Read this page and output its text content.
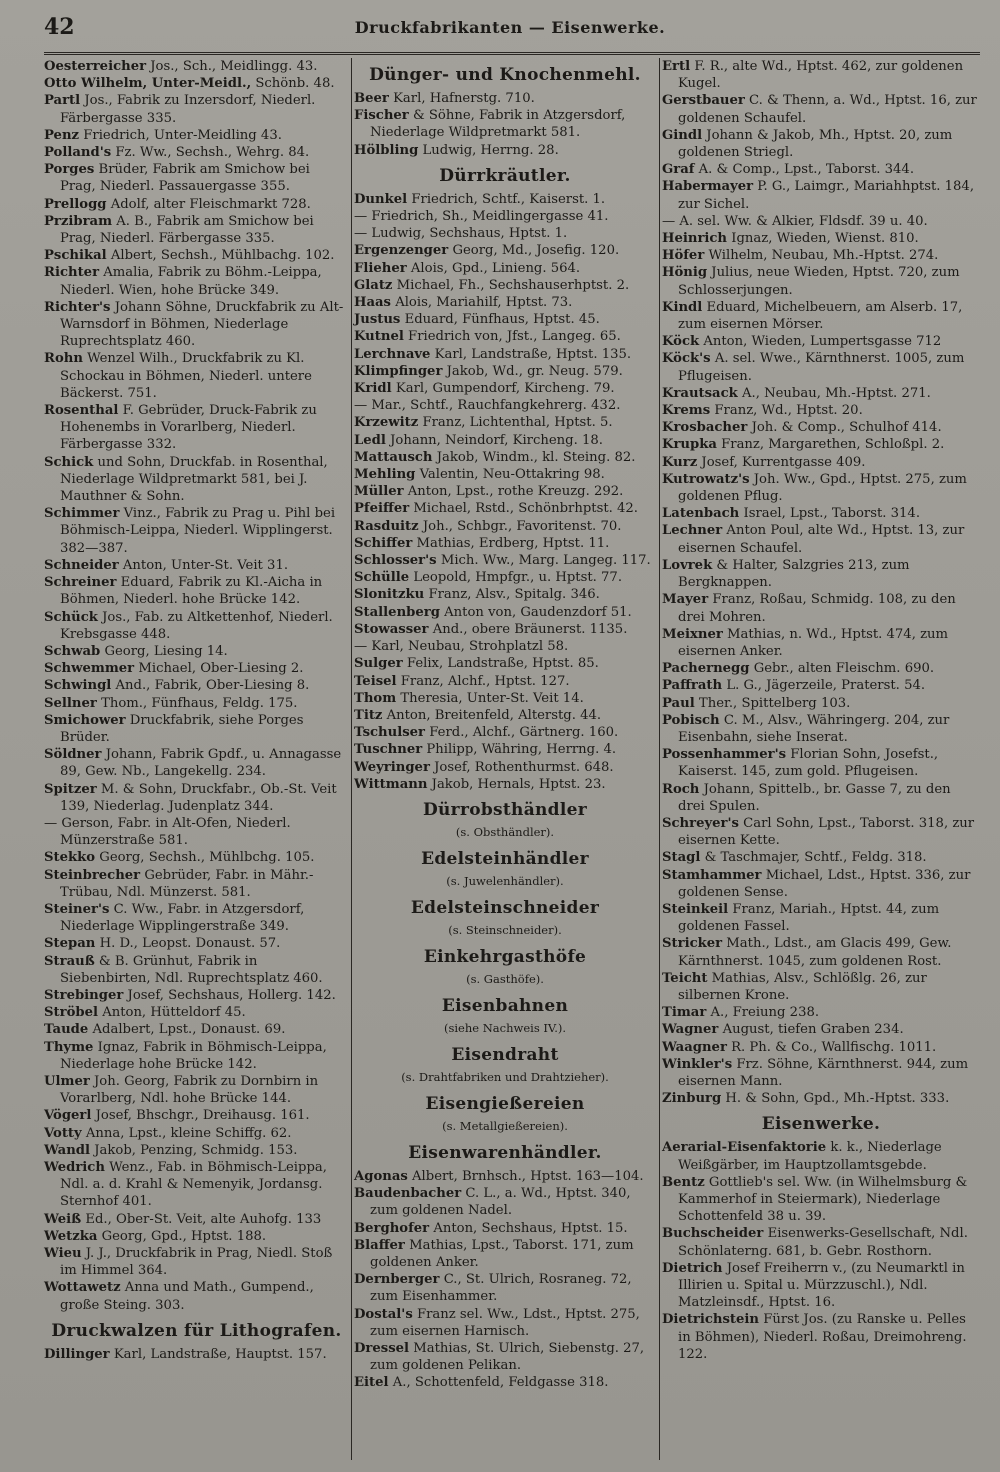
42	Druckfabrikanten — Eisenwerke.
Oesterreicher Jos., Sch., Meidlingg. 43.
Otto Wilhelm, Unter-Meidl., Schönb. 48.
Partl Jos., Fabrik zu Inzersdorf, Niederl. Färbergasse 335.
Penz Friedrich, Unter-Meidling 43.
Polland's Fz. Ww., Sechsh., Wehrg. 84.
Porges Brüder, Fabrik am Smichow bei Prag, Niederl. Passauergasse 355.
Prellogg Adolf, alter Fleischmarkt 728.
Przibram A. B., Fabrik am Smichow bei Prag, Niederl. Färbergasse 335.
Pschikal Albert, Sechsh., Mühlbachg. 102.
Richter Amalia, Fabrik zu Böhm.-Leippa, Niederl. Wien, hohe Brücke 349.
Richter's Johann Söhne, Druckfabrik zu Alt-Warnsdorf in Böhmen, Niederlage Ruprechtsplatz 460.
Rohn Wenzel Wilh., Druckfabrik zu Kl. Schockau in Böhmen, Niederl. untere Bäckerst. 751.
Rosenthal F. Gebrüder, Druck-Fabrik zu Hohenembs in Vorarlberg, Niederl. Färbergasse 332.
Schick und Sohn, Druckfab. in Rosenthal, Niederlage Wildpretmarkt 581, bei J. Mauthner & Sohn.
Schimmer Vinz., Fabrik zu Prag u. Pihl bei Böhmisch-Leippa, Niederl. Wipplingerst. 382—387.
Schneider Anton, Unter-St. Veit 31.
Schreiner Eduard, Fabrik zu Kl.-Aicha in Böhmen, Niederl. hohe Brücke 142.
Schück Jos., Fab. zu Altkettenhof, Niederl. Krebsgasse 448.
Schwab Georg, Liesing 14.
Schwemmer Michael, Ober-Liesing 2.
Schwingl And., Fabrik, Ober-Liesing 8.
Sellner Thom., Fünfhaus, Feldg. 175.
Smichower Druckfabrik, siehe Porges Brüder.
Söldner Johann, Fabrik Gpdf., u. Annagasse 89, Gew. Nb., Langekellg. 234.
Spitzer M. & Sohn, Druckfabr., Ob.-St. Veit 139, Niederlag. Judenplatz 344.
— Gerson, Fabr. in Alt-Ofen, Niederl. Münzerstraße 581.
Stekko Georg, Sechsh., Mühlbchg. 105.
Steinbrecher Gebrüder, Fabr. in Mähr.-Trübau, Ndl. Münzerst. 581.
Steiner's C. Ww., Fabr. in Atzgersdorf, Niederlage Wipplingerstraße 349.
Stepan H. D., Leopst. Donaust. 57.
Strauß & B. Grünhut, Fabrik in Siebenbirten, Ndl. Ruprechtsplatz 460.
Strebinger Josef, Sechshaus, Hollerg. 142.
Ströbel Anton, Hütteldorf 45.
Taude Adalbert, Lpst., Donaust. 69.
Thyme Ignaz, Fabrik in Böhmisch-Leippa, Niederlage hohe Brücke 142.
Ulmer Joh. Georg, Fabrik zu Dornbirn in Vorarlberg, Ndl. hohe Brücke 144.
Vögerl Josef, Bhschgr., Dreihausg. 161.
Votty Anna, Lpst., kleine Schiffg. 62.
Wandl Jakob, Penzing, Schmidg. 153.
Wedrich Wenz., Fab. in Böhmisch-Leippa, Ndl. a. d. Krahl & Nemenyik, Jordansg. Sternhof 401.
Weiß Ed., Ober-St. Veit, alte Auhofg. 133
Wetzka Georg, Gpd., Hptst. 188.
Wieu J. J., Druckfabrik in Prag, Niedl. Stoß im Himmel 364.
Wottawetz Anna und Math., Gumpend., große Steing. 303.
Druckwalzen für Lithografen.
Dillinger Karl, Landstraße, Hauptst. 157.
Dünger- und Knochenmehl.
Beer Karl, Hafnerstg. 710.
Fischer & Söhne, Fabrik in Atzgersdorf, Niederlage Wildpretmarkt 581.
Hölbling Ludwig, Herrng. 28.
Dürrkräutler.
Dunkel Friedrich, Schtf., Kaiserst. 1.
— Friedrich, Sh., Meidlingergasse 41.
— Ludwig, Sechshaus, Hptst. 1.
Ergenzenger Georg, Md., Josefig. 120.
Flieher Alois, Gpd., Linieng. 564.
Glatz Michael, Fh., Sechshauserhptst. 2.
Haas Alois, Mariahilf, Hptst. 73.
Justus Eduard, Fünfhaus, Hptst. 45.
Kutnel Friedrich von, Jfst., Langeg. 65.
Lerchnave Karl, Landstraße, Hptst. 135.
Klimpfinger Jakob, Wd., gr. Neug. 579.
Kridl Karl, Gumpendorf, Kircheng. 79.
— Mar., Schtf., Rauchfangkehrerg. 432.
Krzewitz Franz, Lichtenthal, Hptst. 5.
Ledl Johann, Neindorf, Kircheng. 18.
Mattausch Jakob, Windm., kl. Steing. 82.
Mehling Valentin, Neu-Ottakring 98.
Müller Anton, Lpst., rothe Kreuzg. 292.
Pfeiffer Michael, Rstd., Schönbrhptst. 42.
Rasduitz Joh., Schbgr., Favoritenst. 70.
Schiffer Mathias, Erdberg, Hptst. 11.
Schlosser's Mich. Ww., Marg. Langeg. 117.
Schülle Leopold, Hmpfgr., u. Hptst. 77.
Slonitzku Franz, Alsv., Spitalg. 346.
Stallenberg Anton von, Gaudenzdorf 51.
Stowasser And., obere Bräunerst. 1135.
— Karl, Neubau, Strohplatzl 58.
Sulger Felix, Landstraße, Hptst. 85.
Teisel Franz, Alchf., Hptst. 127.
Thom Theresia, Unter-St. Veit 14.
Titz Anton, Breitenfeld, Alterstg. 44.
Tschulser Ferd., Alchf., Gärtnerg. 160.
Tuschner Philipp, Währing, Herrng. 4.
Weyringer Josef, Rothenthurmst. 648.
Wittmann Jakob, Hernals, Hptst. 23.
Dürrobsthändler
(s. Obsthändler).
Edelsteinhändler
(s. Juwelenhändler).
Edelsteinschneider
(s. Steinschneider).
Einkehrgasthöfe
(s. Gasthöfe).
Eisenbahnen
(siehe Nachweis IV.).
Eisendraht
(s. Drahtfabriken und Drahtzieher).
Eisengießereien
(s. Metallgießereien).
Eisenwarenhändler.
Agonas Albert, Brnhsch., Hptst. 163—104.
Baudenbacher C. L., a. Wd., Hptst. 340, zum goldenen Nadel.
Berghofer Anton, Sechshaus, Hptst. 15.
Blaffer Mathias, Lpst., Taborst. 171, zum goldenen Anker.
Dernberger C., St. Ulrich, Rosraneg. 72, zum Eisenhammer.
Dostal's Franz sel. Ww., Ldst., Hptst. 275, zum eisernen Harnisch.
Dressel Mathias, St. Ulrich, Siebenstg. 27, zum goldenen Pelikan.
Eitel A., Schottenfeld, Feldgasse 318.
Ertl F. R., alte Wd., Hptst. 462, zur goldenen Kugel.
Gerstbauer C. & Thenn, a. Wd., Hptst. 16, zur goldenen Schaufel.
Gindl Johann & Jakob, Mh., Hptst. 20, zum goldenen Striegl.
Graf A. & Comp., Lpst., Taborst. 344.
Habermayer P. G., Laimgr., Mariahhptst. 184, zur Sichel.
— A. sel. Ww. & Alkier, Fldsdf. 39 u. 40.
Heinrich Ignaz, Wieden, Wienst. 810.
Höfer Wilhelm, Neubau, Mh.-Hptst. 274.
Hönig Julius, neue Wieden, Hptst. 720, zum Schlosserjungen.
Kindl Eduard, Michelbeuern, am Alserb. 17, zum eisernen Mörser.
Köck Anton, Wieden, Lumpertsgasse 712
Köck's A. sel. Wwe., Kärnthnerst. 1005, zum Pflugeisen.
Krautsack A., Neubau, Mh.-Hptst. 271.
Krems Franz, Wd., Hptst. 20.
Krosbacher Joh. & Comp., Schulhof 414.
Krupka Franz, Margarethen, Schloßpl. 2.
Kurz Josef, Kurrentgasse 409.
Kutrowatz's Joh. Ww., Gpd., Hptst. 275, zum goldenen Pflug.
Latenbach Israel, Lpst., Taborst. 314.
Lechner Anton Poul, alte Wd., Hptst. 13, zur eisernen Schaufel.
Lovrek & Halter, Salzgries 213, zum Bergknappen.
Mayer Franz, Roßau, Schmidg. 108, zu den drei Mohren.
Meixner Mathias, n. Wd., Hptst. 474, zum eisernen Anker.
Pachernegg Gebr., alten Fleischm. 690.
Paffrath L. G., Jägerzeile, Praterst. 54.
Paul Ther., Spittelberg 103.
Pobisch C. M., Alsv., Währingerg. 204, zur Eisenbahn, siehe Inserat.
Possenhammer's Florian Sohn, Josefst., Kaiserst. 145, zum gold. Pflugeisen.
Roch Johann, Spittelb., br. Gasse 7, zu den drei Spulen.
Schreyer's Carl Sohn, Lpst., Taborst. 318, zur eisernen Kette.
Stagl & Taschmajer, Schtf., Feldg. 318.
Stamhammer Michael, Ldst., Hptst. 336, zur goldenen Sense.
Steinkeil Franz, Mariah., Hptst. 44, zum goldenen Fassel.
Stricker Math., Ldst., am Glacis 499, Gew. Kärnthnerst. 1045, zum goldenen Rost.
Teicht Mathias, Alsv., Schlößlg. 26, zur silbernen Krone.
Timar A., Freiung 238.
Wagner August, tiefen Graben 234.
Waagner R. Ph. & Co., Wallfischg. 1011.
Winkler's Frz. Söhne, Kärnthnerst. 944, zum eisernen Mann.
Zinburg H. & Sohn, Gpd., Mh.-Hptst. 333.
Eisenwerke.
Aerarial-Eisenfaktorie k. k., Niederlage Weißgärber, im Hauptzollamtsgebde.
Bentz Gottlieb's sel. Ww. (in Wilhelmsburg & Kammerhof in Steiermark), Niederlage Schottenfeld 38 u. 39.
Buchscheider Eisenwerks-Gesellschaft, Ndl. Schönlaterng. 681, b. Gebr. Rosthorn.
Dietrich Josef Freiherrn v., (zu Neumarktl in Illirien u. Spital u. Mürzzuschl.), Ndl. Matzleinsdf., Hptst. 16.
Dietrichstein Fürst Jos. (zu Ranske u. Pelles in Böhmen), Niederl. Roßau, Dreimohreng. 122.
